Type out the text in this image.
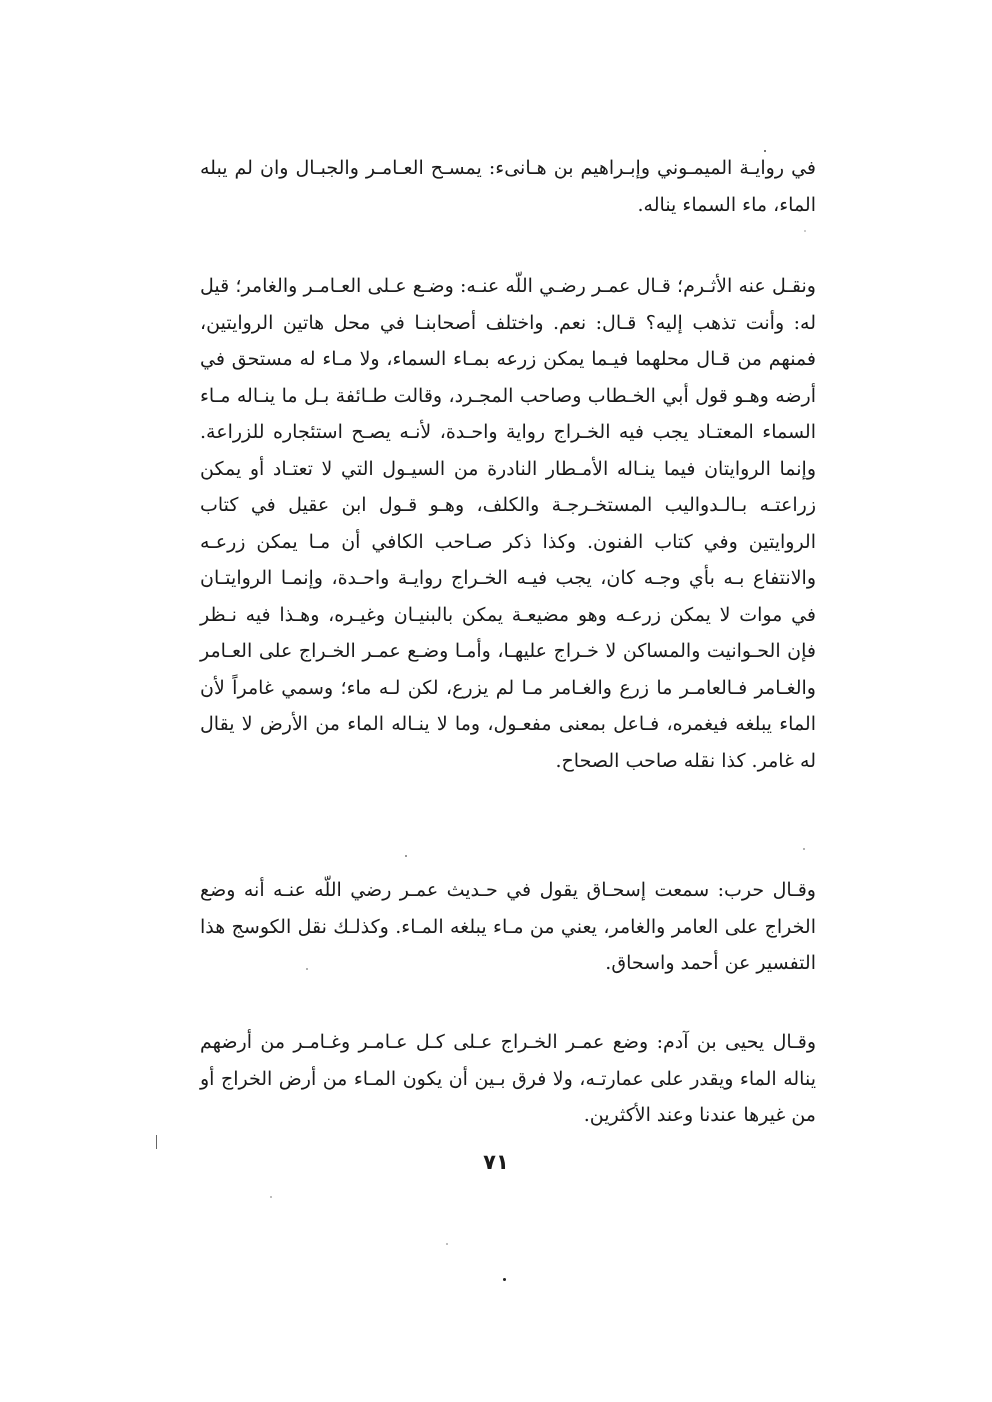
في روايـة الميمـوني وإبـراهيم بن هـانىء: يمسـح العـامـر والجبـال وان لم يبله الماء، ماء السماء يناله.

ونقـل عنه الأثـرم؛ قـال عمـر رضـي اللّه عنـه: وضـع عـلى العـامـر والغامر؛ قيل له: وأنت تذهب إليه؟ قـال: نعم. واختلف أصحابنـا في محل هاتين الروايتين، فمنهم من قـال محلهما فيـما يمكن زرعه بمـاء السماء، ولا مـاء له مستحق في أرضه وهـو قول أبي الخـطاب وصاحب المجـرد، وقالت طـائفة بـل ما ينـاله مـاء السماء المعتـاد يجب فيه الخـراج رواية واحـدة، لأنـه يصـح استئجاره للزراعة. وإنما الروايتان فيما ينـاله الأمـطار النادرة من السيـول التي لا تعتـاد أو يمكن زراعتـه بـالـدواليب المستخـرجـة والكلف، وهـو قـول ابن عقيل في كتاب الروايتين وفي كتاب الفنون. وكذا ذكر صـاحب الكافي أن مـا يمكن زرعـه والانتفاع بـه بأي وجـه كان، يجب فيـه الخـراج روايـة واحـدة، وإنمـا الروايتـان في موات لا يمكن زرعـه وهو مضيعـة يمكن بالبنيـان وغيـره، وهـذا فيه نـظر فإن الحـوانيت والمساكن لا خـراج عليهـا، وأمـا وضـع عمـر الخـراج على العـامر والغـامر فـالعامـر ما زرع والغـامر مـا لم يزرع، لكن لـه ماء؛ وسمي غامراً لأن الماء يبلغه فيغمره، فـاعل بمعنى مفعـول، وما لا ينـاله الماء من الأرض لا يقال له غامر. كذا نقله صاحب الصحاح.

وقـال حرب: سمعت إسحـاق يقول في حـديث عمـر رضي اللّه عنـه أنه وضع الخراج على العامر والغامر، يعني من مـاء يبلغه المـاء. وكذلـك نقل الكوسج هذا التفسير عن أحمد واسحاق.

وقـال يحيى بن آدم: وضع عمـر الخـراج عـلى كـل عـامـر وغـامـر من أرضهم يناله الماء ويقدر على عمارتـه، ولا فرق بـين أن يكون المـاء من أرض الخراج أو من غيرها عندنا وعند الأكثرين.

٧١
